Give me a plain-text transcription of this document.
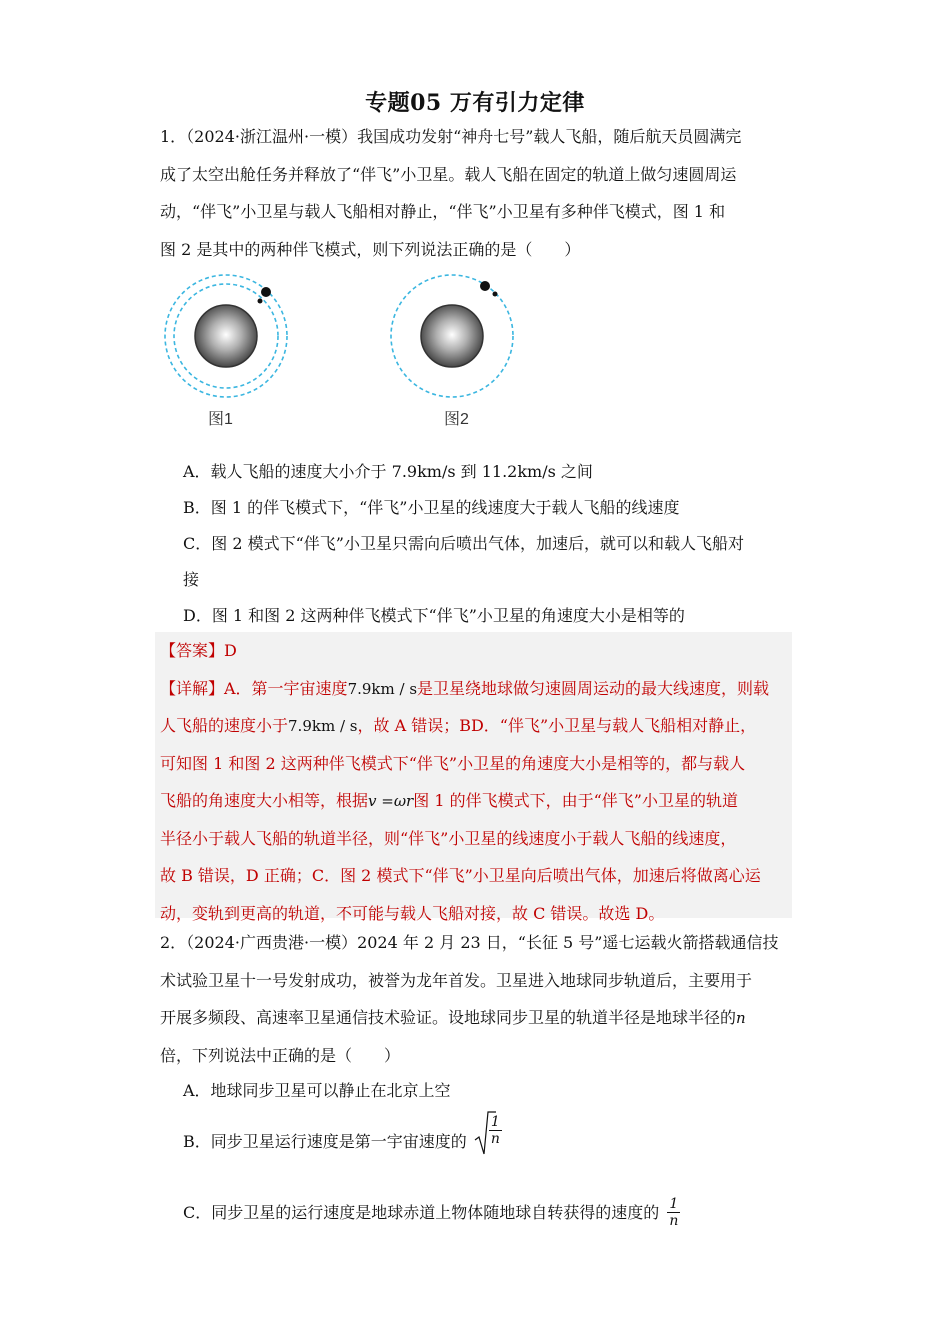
专题05 万有引力定律
1．（2024·浙江温州·一模）我国成功发射“神舟七号”载人飞船，随后航天员圆满完
成了太空出舱任务并释放了“伴飞”小卫星。载人飞船在固定的轨道上做匀速圆周运
动，“伴飞”小卫星与载人飞船相对静止，“伴飞”小卫星有多种伴飞模式，图 1 和
图 2 是其中的两种伴飞模式，则下列说法正确的是（　　）
图1	图2
A．载人飞船的速度大小介于 7.9km/s 到 11.2km/s 之间
B．图 1 的伴飞模式下，“伴飞”小卫星的线速度大于载人飞船的线速度
C．图 2 模式下“伴飞”小卫星只需向后喷出气体，加速后，就可以和载人飞船对
接
D．图 1 和图 2 这两种伴飞模式下“伴飞”小卫星的角速度大小是相等的
【答案】D
【详解】A．第一宇宙速度7.9km / s是卫星绕地球做匀速圆周运动的最大线速度，则载
人飞船的速度小于7.9km / s，故 A 错误；BD．“伴飞”小卫星与载人飞船相对静止，
可知图 1 和图 2 这两种伴飞模式下“伴飞”小卫星的角速度大小是相等的，都与载人
飞船的角速度大小相等，根据v =ωr图 1 的伴飞模式下，由于“伴飞”小卫星的轨道
半径小于载人飞船的轨道半径，则“伴飞”小卫星的线速度小于载人飞船的线速度，
故 B 错误，D 正确；C．图 2 模式下“伴飞”小卫星向后喷出气体，加速后将做离心运
动，变轨到更高的轨道，不可能与载人飞船对接，故 C 错误。故选 D。
2．（2024·广西贵港·一模）2024 年 2 月 23 日，“长征 5 号”遥七运载火箭搭载通信技
术试验卫星十一号发射成功，被誉为龙年首发。卫星进入地球同步轨道后，主要用于
开展多频段、高速率卫星通信技术验证。设地球同步卫星的轨道半径是地球半径的n
倍，下列说法中正确的是（　　）
A．地球同步卫星可以静止在北京上空
B．同步卫星运行速度是第一宇宙速度的 $\frac{1}{n}$
C．同步卫星的运行速度是地球赤道上物体随地球自转获得的速度的 $\frac{1}{n}$
